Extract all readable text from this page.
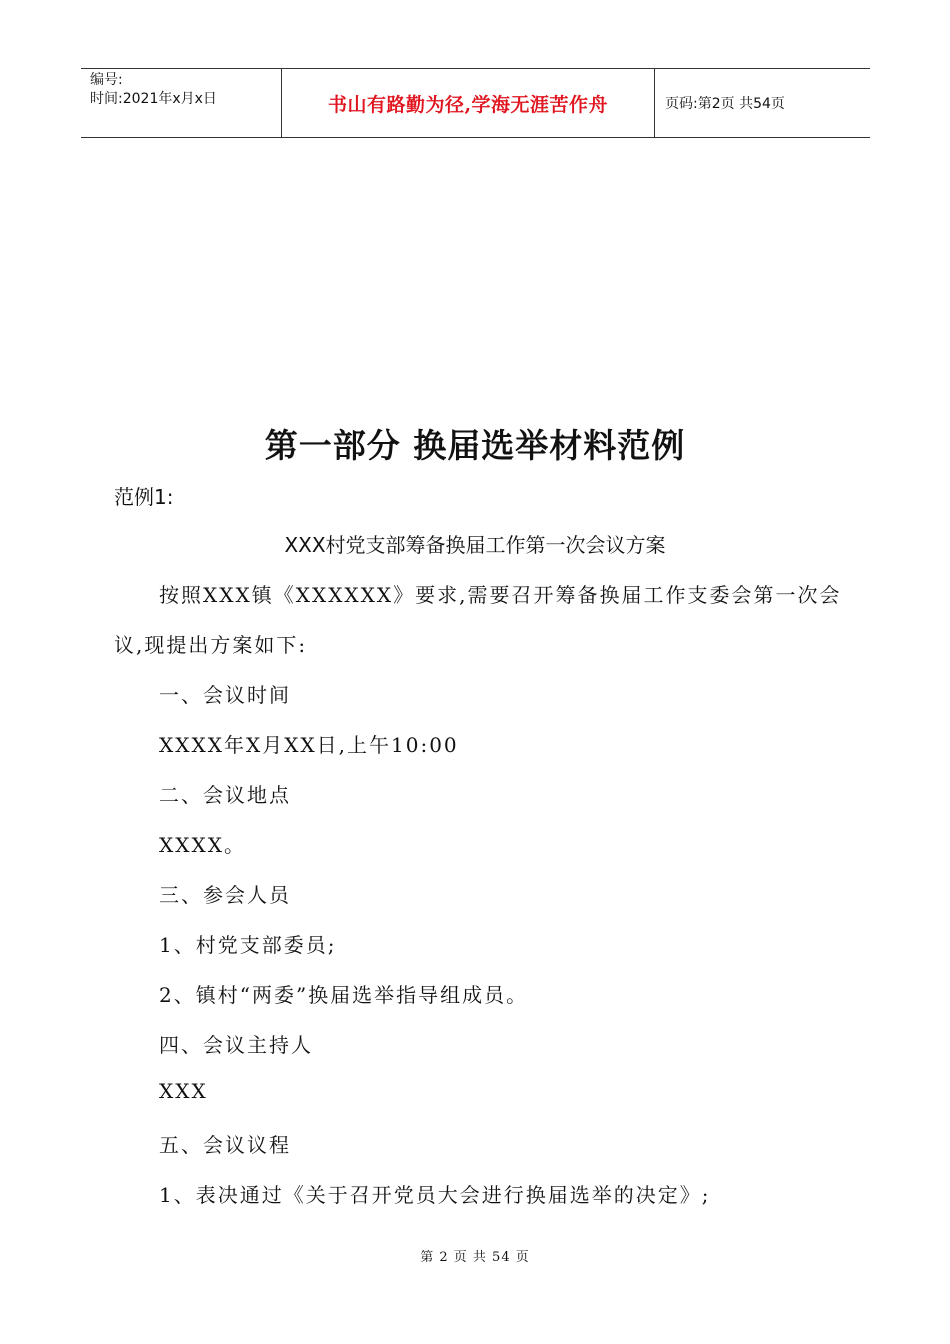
编号:
时间:2021年x月x日	书山有路勤为径,学海无涯苦作舟	页码:第2页 共54页
第一部分 换届选举材料范例
范例1:
XXX村党支部筹备换届工作第一次会议方案
按照XXX镇《XXXXXX》要求,需要召开筹备换届工作支委会第一次会
议,现提出方案如下:
一、会议时间
XXXX年X月XX日,上午10:00
二、会议地点
XXXX。
三、参会人员
1、村党支部委员;
2、镇村“两委”换届选举指导组成员。
四、会议主持人
XXX
五、会议议程
1、表决通过《关于召开党员大会进行换届选举的决定》;
第 2 页 共 54 页
